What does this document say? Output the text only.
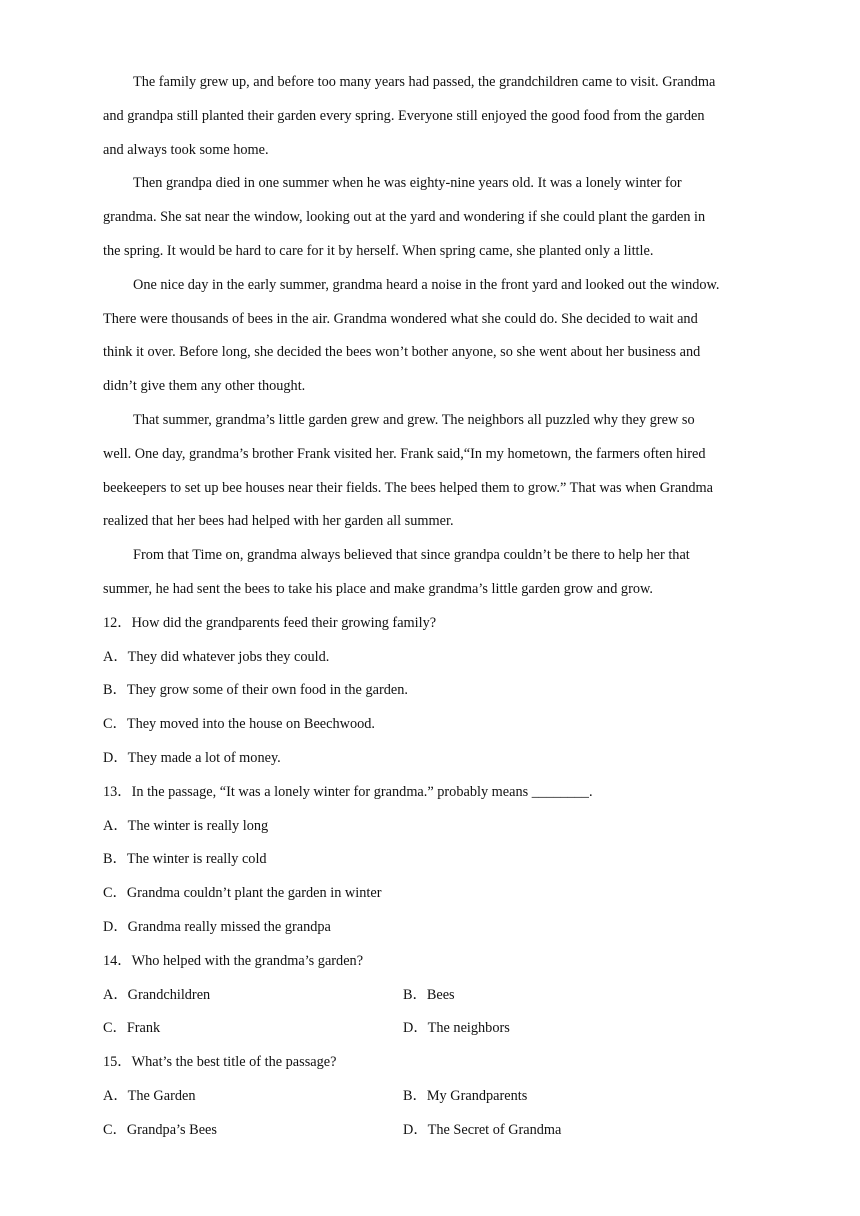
The family grew up, and before too many years had passed, the grandchildren came to visit. Grandma
and grandpa still planted their garden every spring. Everyone still enjoyed the good food from the garden
and always took some home.
Then grandpa died in one summer when he was eighty-nine years old. It was a lonely winter for
grandma. She sat near the window, looking out at the yard and wondering if she could plant the garden in
the spring. It would be hard to care for it by herself. When spring came, she planted only a little.
One nice day in the early summer, grandma heard a noise in the front yard and looked out the window.
There were thousands of bees in the air. Grandma wondered what she could do. She decided to wait and
think it over. Before long, she decided the bees won’t bother anyone, so she went about her business and
didn’t give them any other thought.
That summer, grandma’s little garden grew and grew. The neighbors all puzzled why they grew so
well. One day, grandma’s brother Frank visited her. Frank said,“In my hometown, the farmers often hired
beekeepers to set up bee houses near their fields. The bees helped them to grow.” That was when Grandma
realized that her bees had helped with her garden all summer.
From that Time on, grandma always believed that since grandpa couldn’t be there to help her that
summer, he had sent the bees to take his place and make grandma’s little garden grow and grow.
12．How did the grandparents feed their growing family?
A．They did whatever jobs they could.
B．They grow some of their own food in the garden.
C．They moved into the house on Beechwood.
D．They made a lot of money.
13．In the passage, “It was a lonely winter for grandma.” probably means ________.
A．The winter is really long
B．The winter is really cold
C．Grandma couldn’t plant the garden in winter
D．Grandma really missed the grandpa
14．Who helped with the grandma’s garden?
A．Grandchildren	B．Bees
C．Frank	D．The neighbors
15．What’s the best title of the passage?
A．The Garden	B．My Grandparents
C．Grandpa’s Bees	D．The Secret of Grandma
